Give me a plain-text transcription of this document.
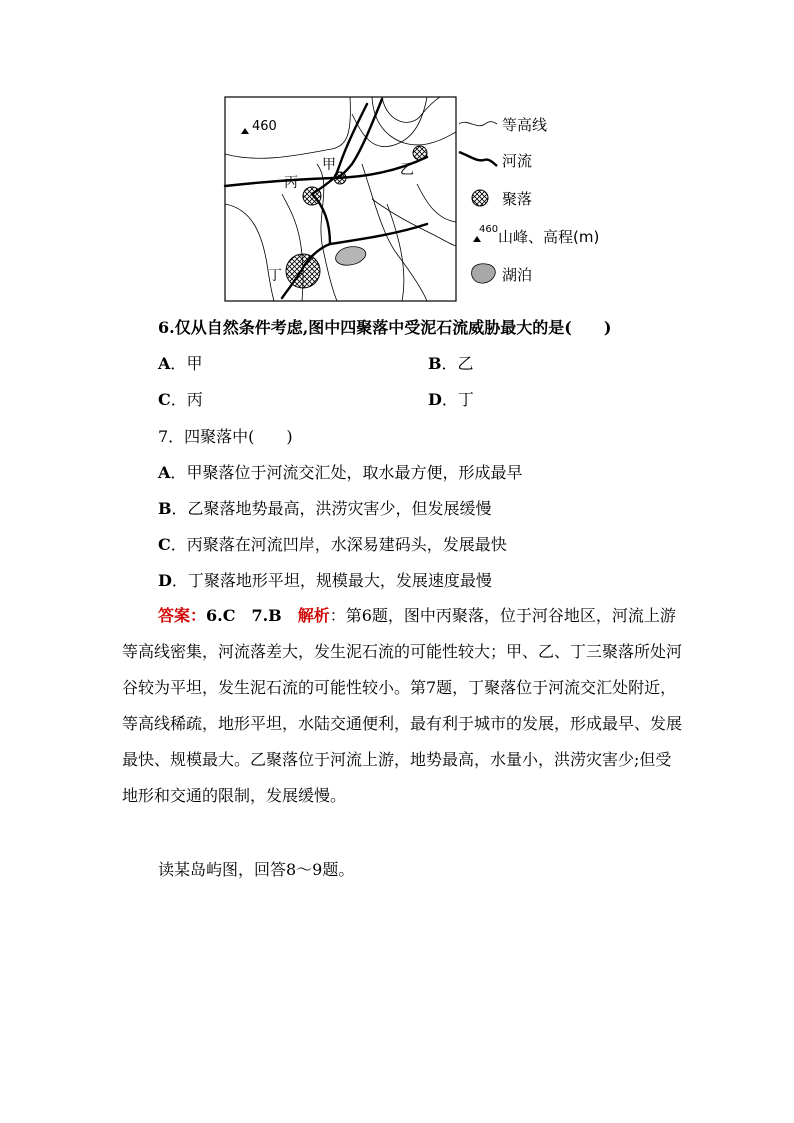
460
甲	乙
丙
丁
等高线
河流
聚落
460 山峰、高程(m)
湖泊
6.仅从自然条件考虑,图中四聚落中受泥石流威胁最大的是(　　)
A．甲	B．乙
C．丙	D．丁
7．四聚落中(　　)
A．甲聚落位于河流交汇处，取水最方便，形成最早
B．乙聚落地势最高，洪涝灾害少，但发展缓慢
C．丙聚落在河流凹岸，水深易建码头，发展最快
D．丁聚落地形平坦，规模最大，发展速度最慢
答案：6.C　7.B　 解析：第6题，图中丙聚落，位于河谷地区，河流上游等高线密集，河流落差大，发生泥石流的可能性较大；甲、乙、丁三聚落所处河谷较为平坦，发生泥石流的可能性较小。第7题，丁聚落位于河流交汇处附近，等高线稀疏，地形平坦，水陆交通便利，最有利于城市的发展，形成最早、发展最快、规模最大。乙聚落位于河流上游，地势最高，水量小，洪涝灾害少;但受地形和交通的限制，发展缓慢。
读某岛屿图，回答8～9题。
